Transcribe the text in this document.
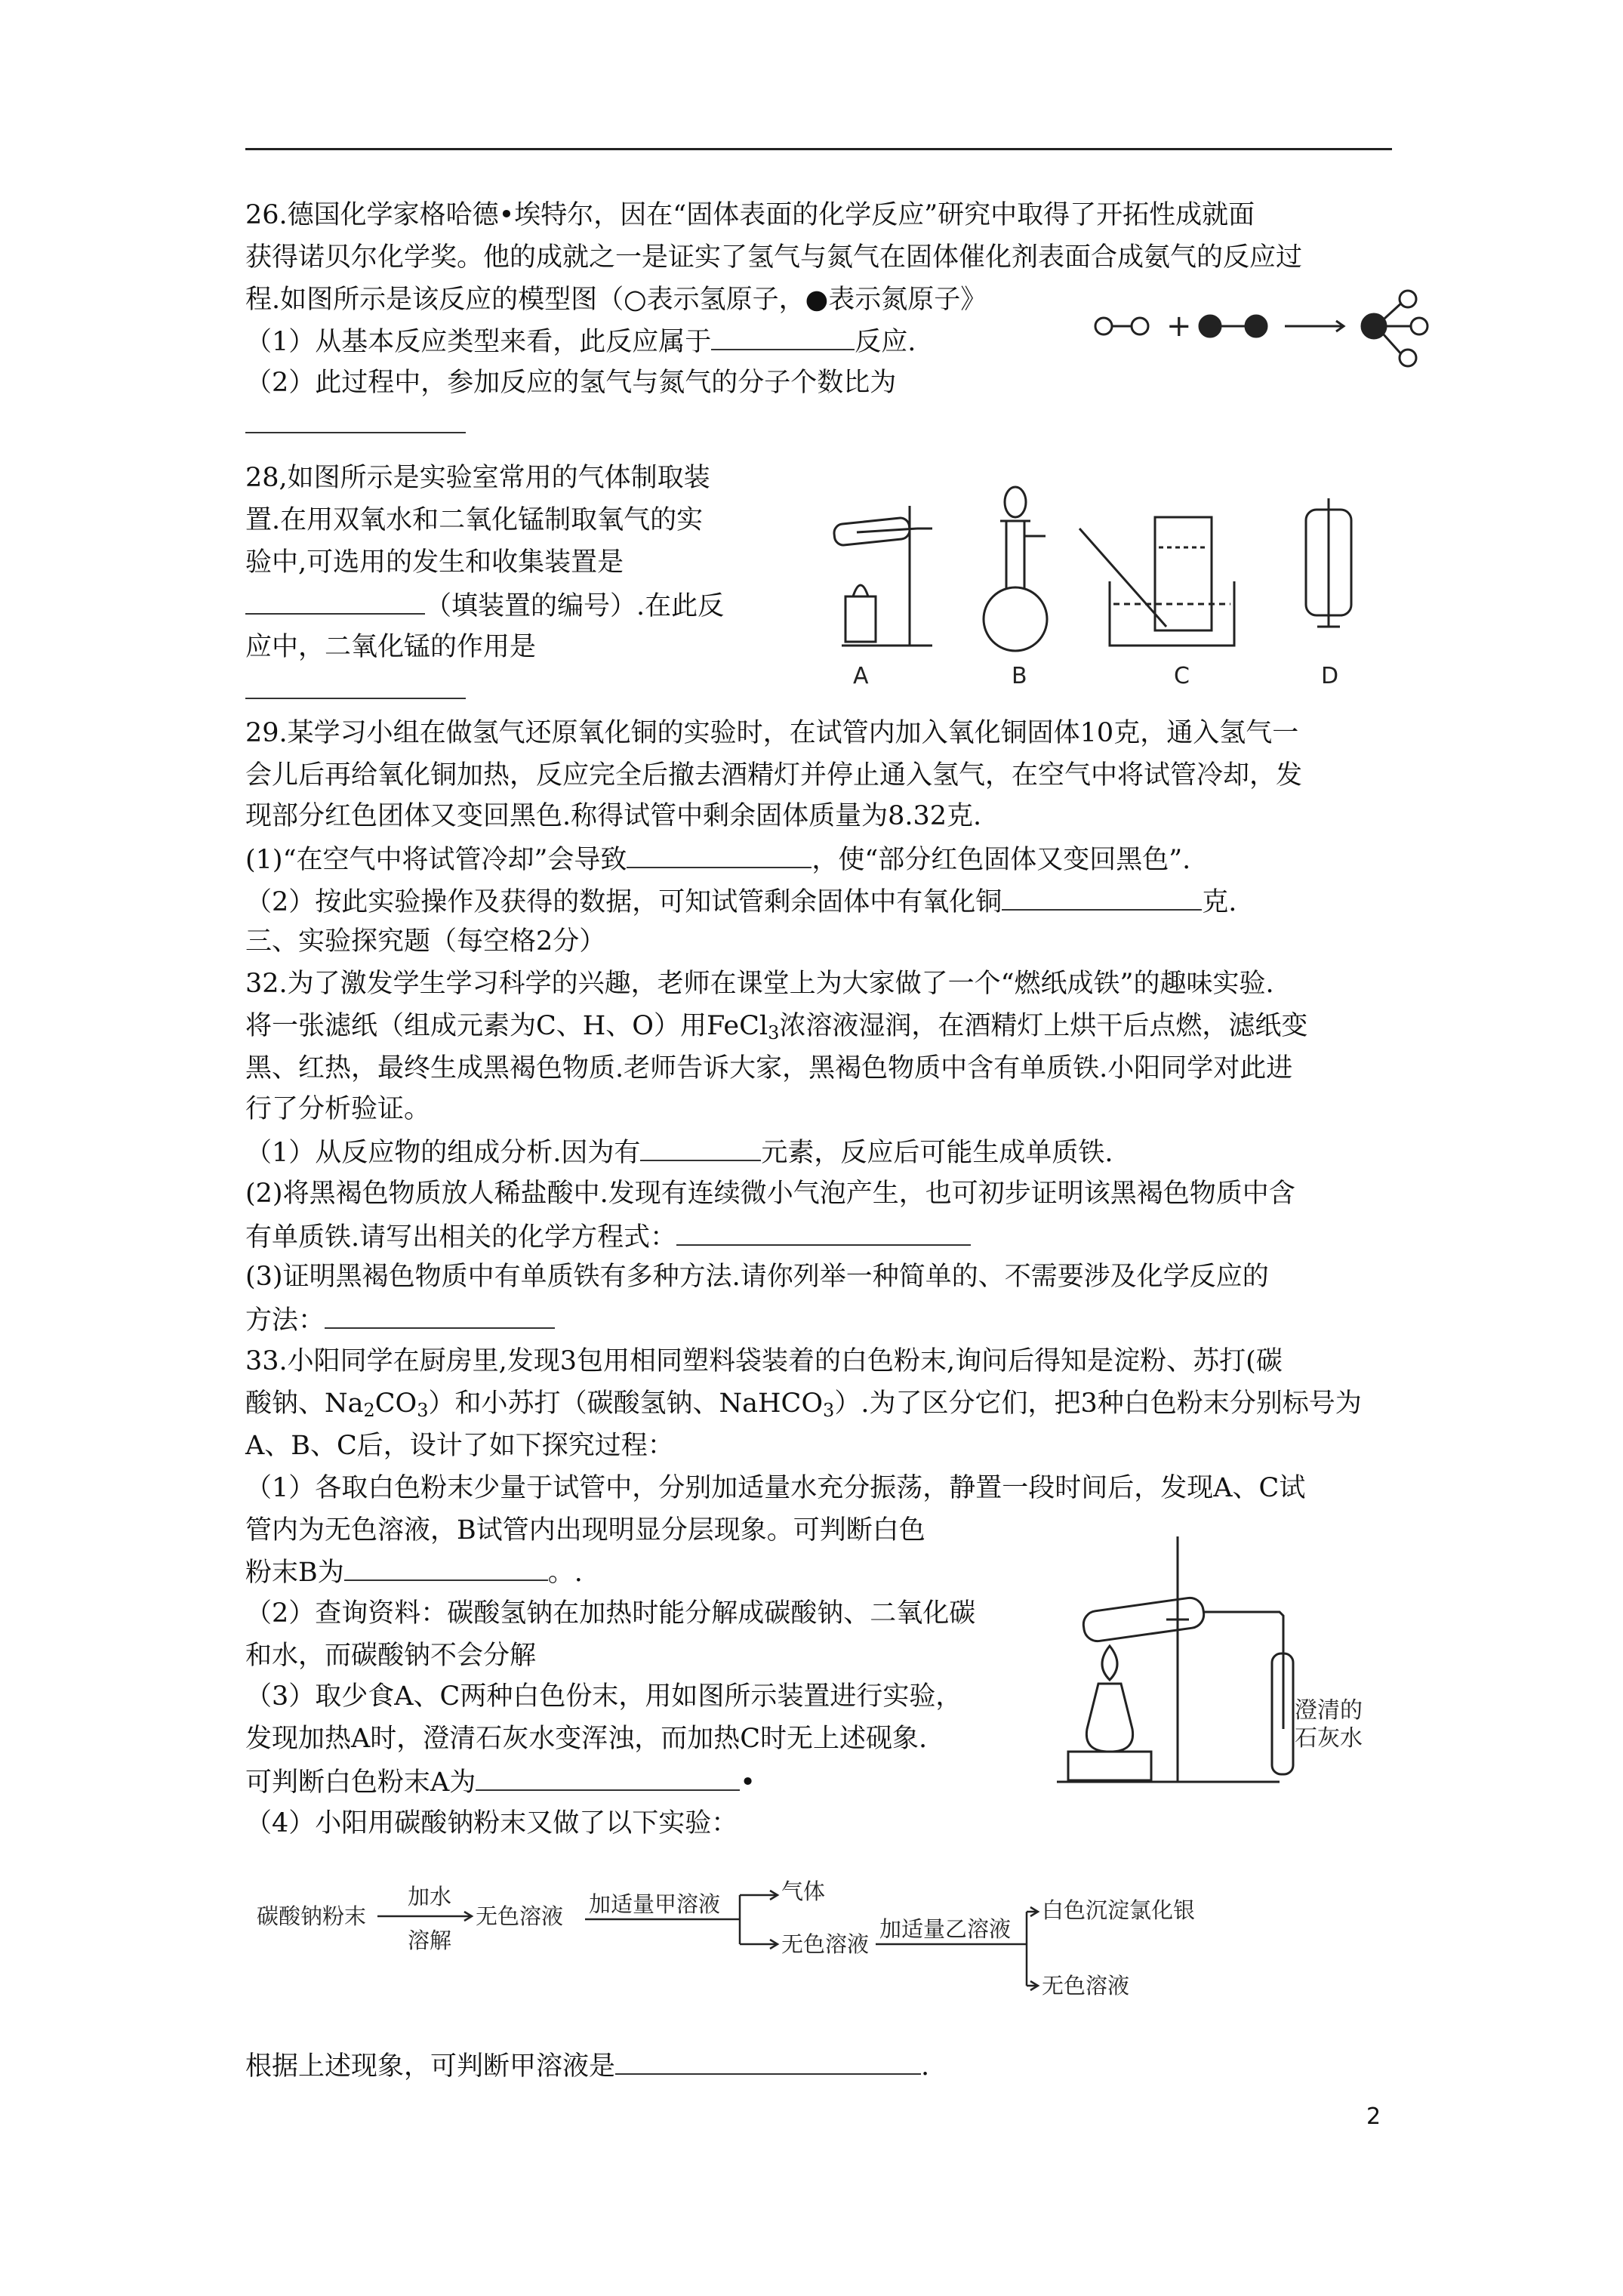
26.德国化学家格哈德•埃特尔，因在“固体表面的化学反应”研究中取得了开拓性成就面
获得诺贝尔化学奖。他的成就之一是证实了氢气与氮气在固体催化剂表面合成氨气的反应过
程.如图所示是该反应的模型图（○表示氢原子，●表示氮原子》
（1）从基本反应类型来看，此反应属于	反应.
（2）此过程中，参加反应的氢气与氮气的分子个数比为
+
28,如图所示是实验室常用的气体制取装
置.在用双氧水和二氧化锰制取氧气的实
验中,可选用的发生和收集装置是
（填装置的编号）.在此反
应中，二氧化锰的作用是
A	B	C	D
29.某学习小组在做氢气还原氧化铜的实验时，在试管内加入氧化铜固体10克，通入氢气一
会儿后再给氧化铜加热，反应完全后撤去酒精灯并停止通入氢气，在空气中将试管冷却，发
现部分红色团体又变回黑色.称得试管中剩余固体质量为8.32克.
(1)“在空气中将试管冷却”会导致	，使“部分红色固体又变回黑色”.
（2）按此实验操作及获得的数据，可知试管剩余固体中有氧化铜	克.
三、实验探究题（每空格2分）
32.为了激发学生学习科学的兴趣，老师在课堂上为大家做了一个“燃纸成铁”的趣味实验.
将一张滤纸（组成元素为C、H、O）用FeCl$_3$浓溶液湿润，在酒精灯上烘干后点燃，滤纸变
黑、红热，最终生成黑褐色物质.老师告诉大家，黑褐色物质中含有单质铁.小阳同学对此进
行了分析验证。
（1）从反应物的组成分析.因为有	元素，反应后可能生成单质铁.
(2)将黑褐色物质放人稀盐酸中.发现有连续微小气泡产生，也可初步证明该黑褐色物质中含
有单质铁.请写出相关的化学方程式：
(3)证明黑褐色物质中有单质铁有多种方法.请你列举一种简单的、不需要涉及化学反应的
方法：
33.小阳同学在厨房里,发现3包用相同塑料袋装着的白色粉末,询问后得知是淀粉、苏打(碳
酸钠、$Na_2CO_3$）和小苏打（碳酸氢钠、NaHCO$_3$）.为了区分它们，把3种白色粉末分别标号为
A、B、C后，设计了如下探究过程：
（1）各取白色粉末少量于试管中，分别加适量水充分振荡，静置一段时间后，发现A、C试
管内为无色溶液，B试管内出现明显分层现象。可判断白色
粉末B为	。.
（2）查询资料：碳酸氢钠在加热时能分解成碳酸钠、二氧化碳
和水，而碳酸钠不会分解
（3）取少食A、C两种白色份末，用如图所示装置进行实验，
发现加热A时，澄清石灰水变浑浊，而加热C时无上述砚象.
可判断白色粉末A为	•
（4）小阳用碳酸钠粉末又做了以下实验：
澄清的
石灰水
碳酸钠粉末
加水
溶解
无色溶液 加适量甲溶液	气体
无色溶液
加适量乙溶液
白色沉淀氯化银
无色溶液
根据上述现象，可判断甲溶液是	.
2
